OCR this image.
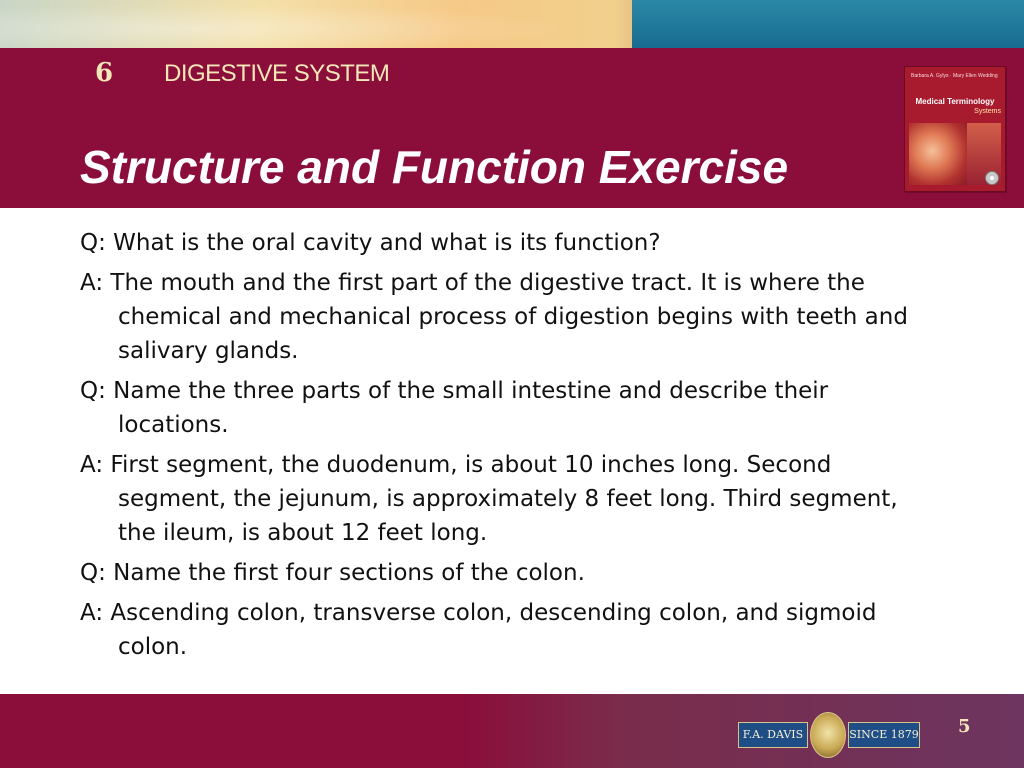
6 DIGESTIVE SYSTEM
Structure and Function Exercise
Barbara A. Gylys · Mary Ellen Wedding
Medical Terminology
Systems

Q: What is the oral cavity and what is its function?

A: The mouth and the first part of the digestive tract. It is where the chemical and mechanical process of digestion begins with teeth and salivary glands.

Q: Name the three parts of the small intestine and describe their locations.

A: First segment, the duodenum, is about 10 inches long. Second segment, the jejunum, is approximately 8 feet long. Third segment, the ileum, is about 12 feet long.

Q: Name the first four sections of the colon.

A: Ascending colon, transverse colon, descending colon, and sigmoid colon.

F.A. DAVIS	SINCE 1879 5
